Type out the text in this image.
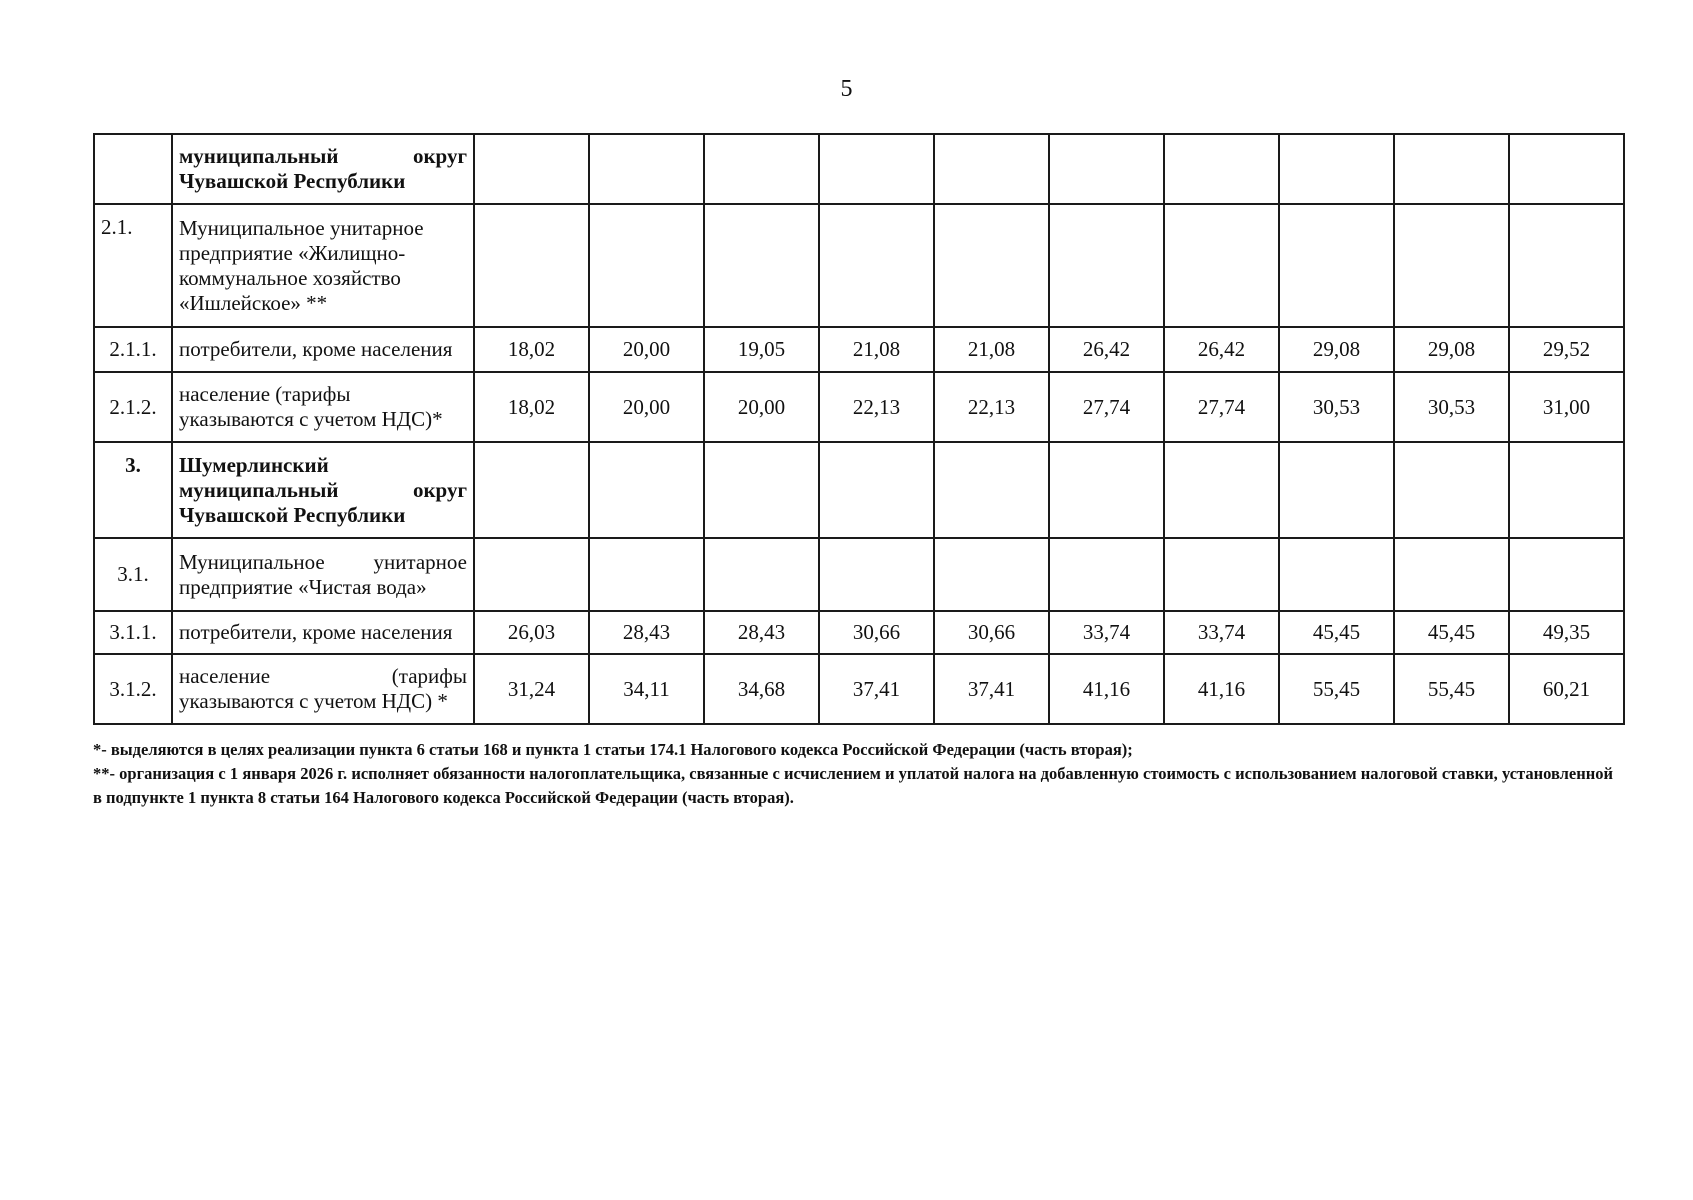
5

	муниципальный округ
Чувашской Республики										

2.1.	Муниципальное унитарное
предприятие «Жилищно-
коммунальное хозяйство
«Ишлейское» **										

2.1.1.	потребители, кроме населения	18,02	20,00	19,05	21,08	21,08	26,42	26,42	29,08	29,08	29,52
2.1.2.	население (тарифы
указываются с учетом НДС)*	18,02	20,00	20,00	22,13	22,13	27,74	27,74	30,53	30,53	31,00
3.	Шумерлинский
муниципальный округ
Чувашской Республики										

3.1.	Муниципальное унитарное
предприятие «Чистая вода»										

3.1.1.	потребители, кроме населения	26,03	28,43	28,43	30,66	30,66	33,74	33,74	45,45	45,45	49,35
3.1.2.	население (тарифы
указываются с учетом НДС) *	31,24	34,11	34,68	37,41	37,41	41,16	41,16	55,45	55,45	60,21

*- выделяются в целях реализации пункта 6 статьи 168 и пункта 1 статьи 174.1 Налогового кодекса Российской Федерации (часть вторая);

**- организация с 1 января 2026 г. исполняет обязанности налогоплательщика, связанные с исчислением и уплатой налога на добавленную стоимость с использованием налоговой ставки, установленной в подпункте 1 пункта 8 статьи 164 Налогового кодекса Российской Федерации (часть вторая).
